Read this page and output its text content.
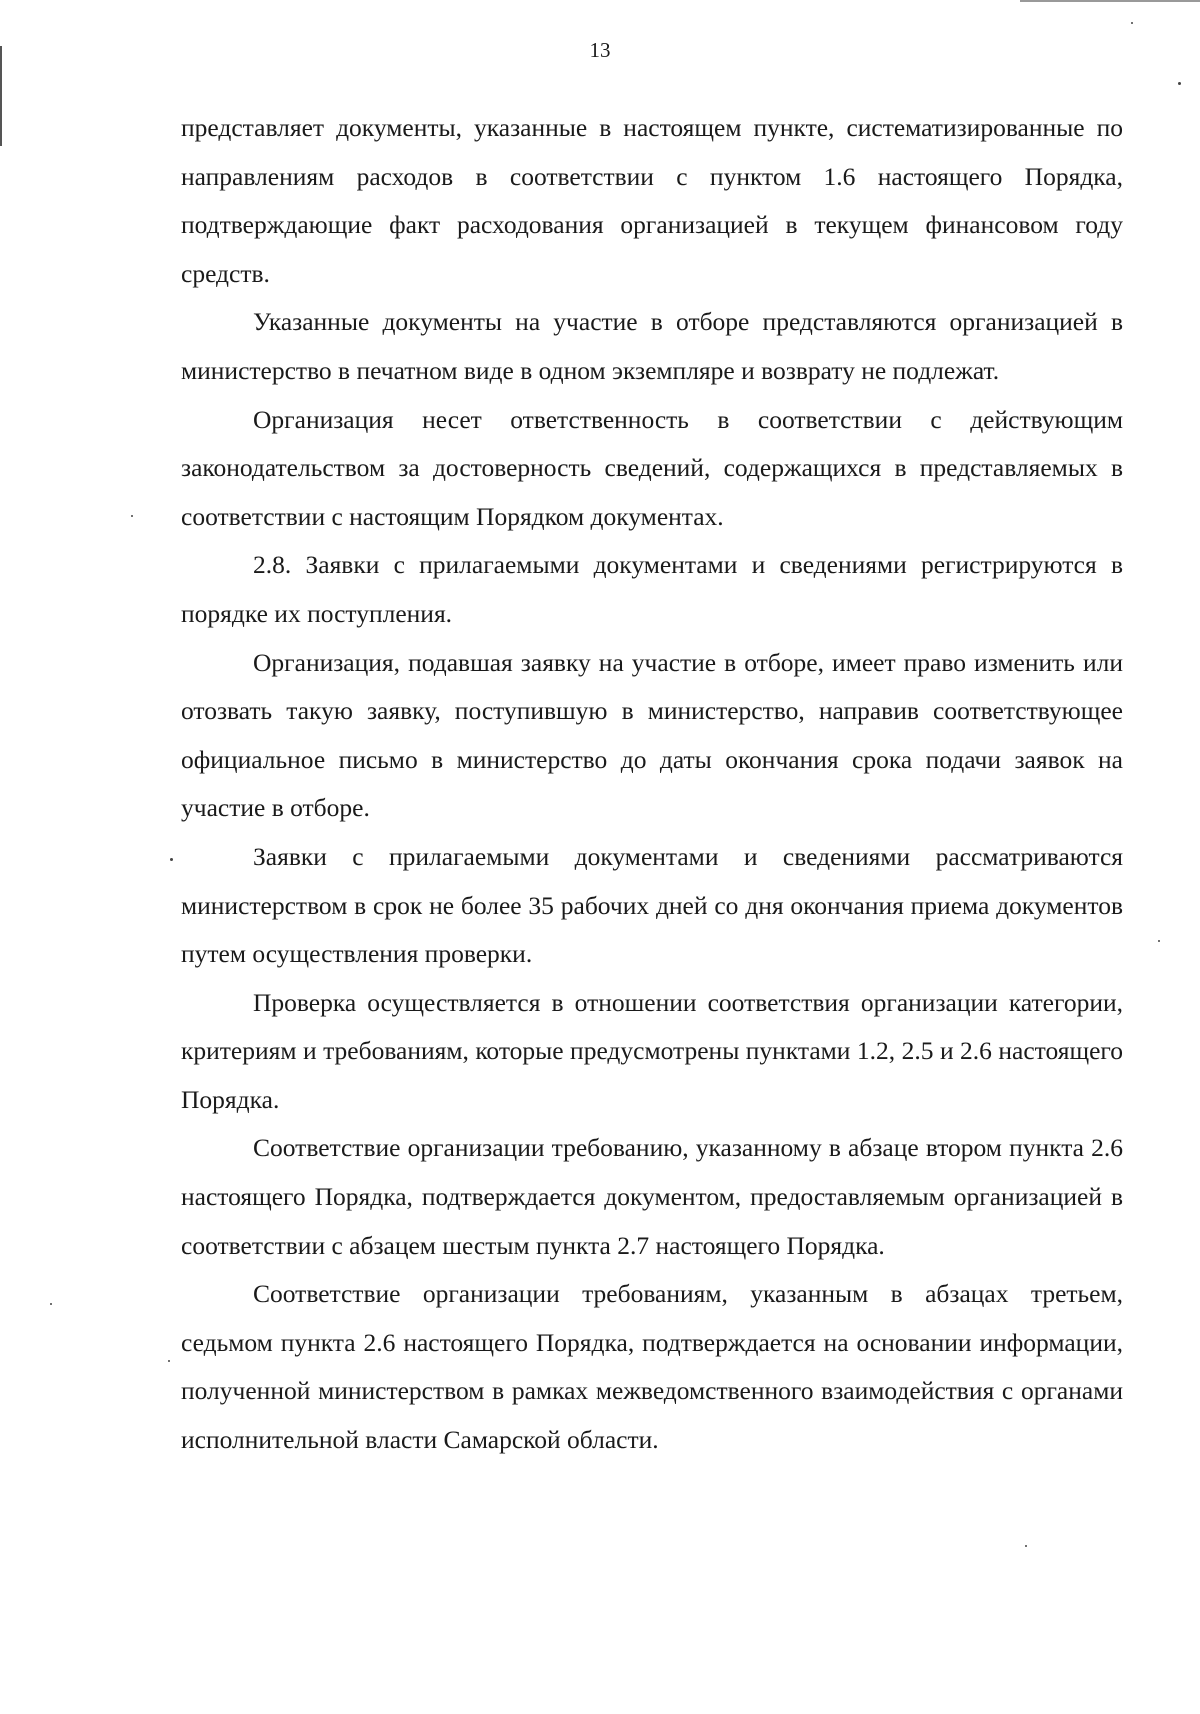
13

представляет документы, указанные в настоящем пункте, систематизированные по направлениям расходов в соответствии с пунктом 1.6 настоящего Порядка, подтверждающие факт расходования организацией в текущем финансовом году средств.

Указанные документы на участие в отборе представляются организацией в министерство в печатном виде в одном экземпляре и возврату не подлежат.

Организация несет ответственность в соответствии с действующим законодательством за достоверность сведений, содержащихся в представляемых в соответствии с настоящим Порядком документах.

2.8. Заявки с прилагаемыми документами и сведениями регистрируются в порядке их поступления.

Организация, подавшая заявку на участие в отборе, имеет право изменить или отозвать такую заявку, поступившую в министерство, направив соответствующее официальное письмо в министерство до даты окончания срока подачи заявок на участие в отборе.

Заявки с прилагаемыми документами и сведениями рассматриваются министерством в срок не более 35 рабочих дней со дня окончания приема документов путем осуществления проверки.

Проверка осуществляется в отношении соответствия организации категории, критериям и требованиям, которые предусмотрены пунктами 1.2, 2.5 и 2.6 настоящего Порядка.

Соответствие организации требованию, указанному в абзаце втором пункта 2.6 настоящего Порядка, подтверждается документом, предоставляемым организацией в соответствии с абзацем шестым пункта 2.7 настоящего Порядка.

Соответствие организации требованиям, указанным в абзацах третьем, седьмом пункта 2.6 настоящего Порядка, подтверждается на основании информации, полученной министерством в рамках межведомственного взаимодействия с органами исполнительной власти Самарской области.
